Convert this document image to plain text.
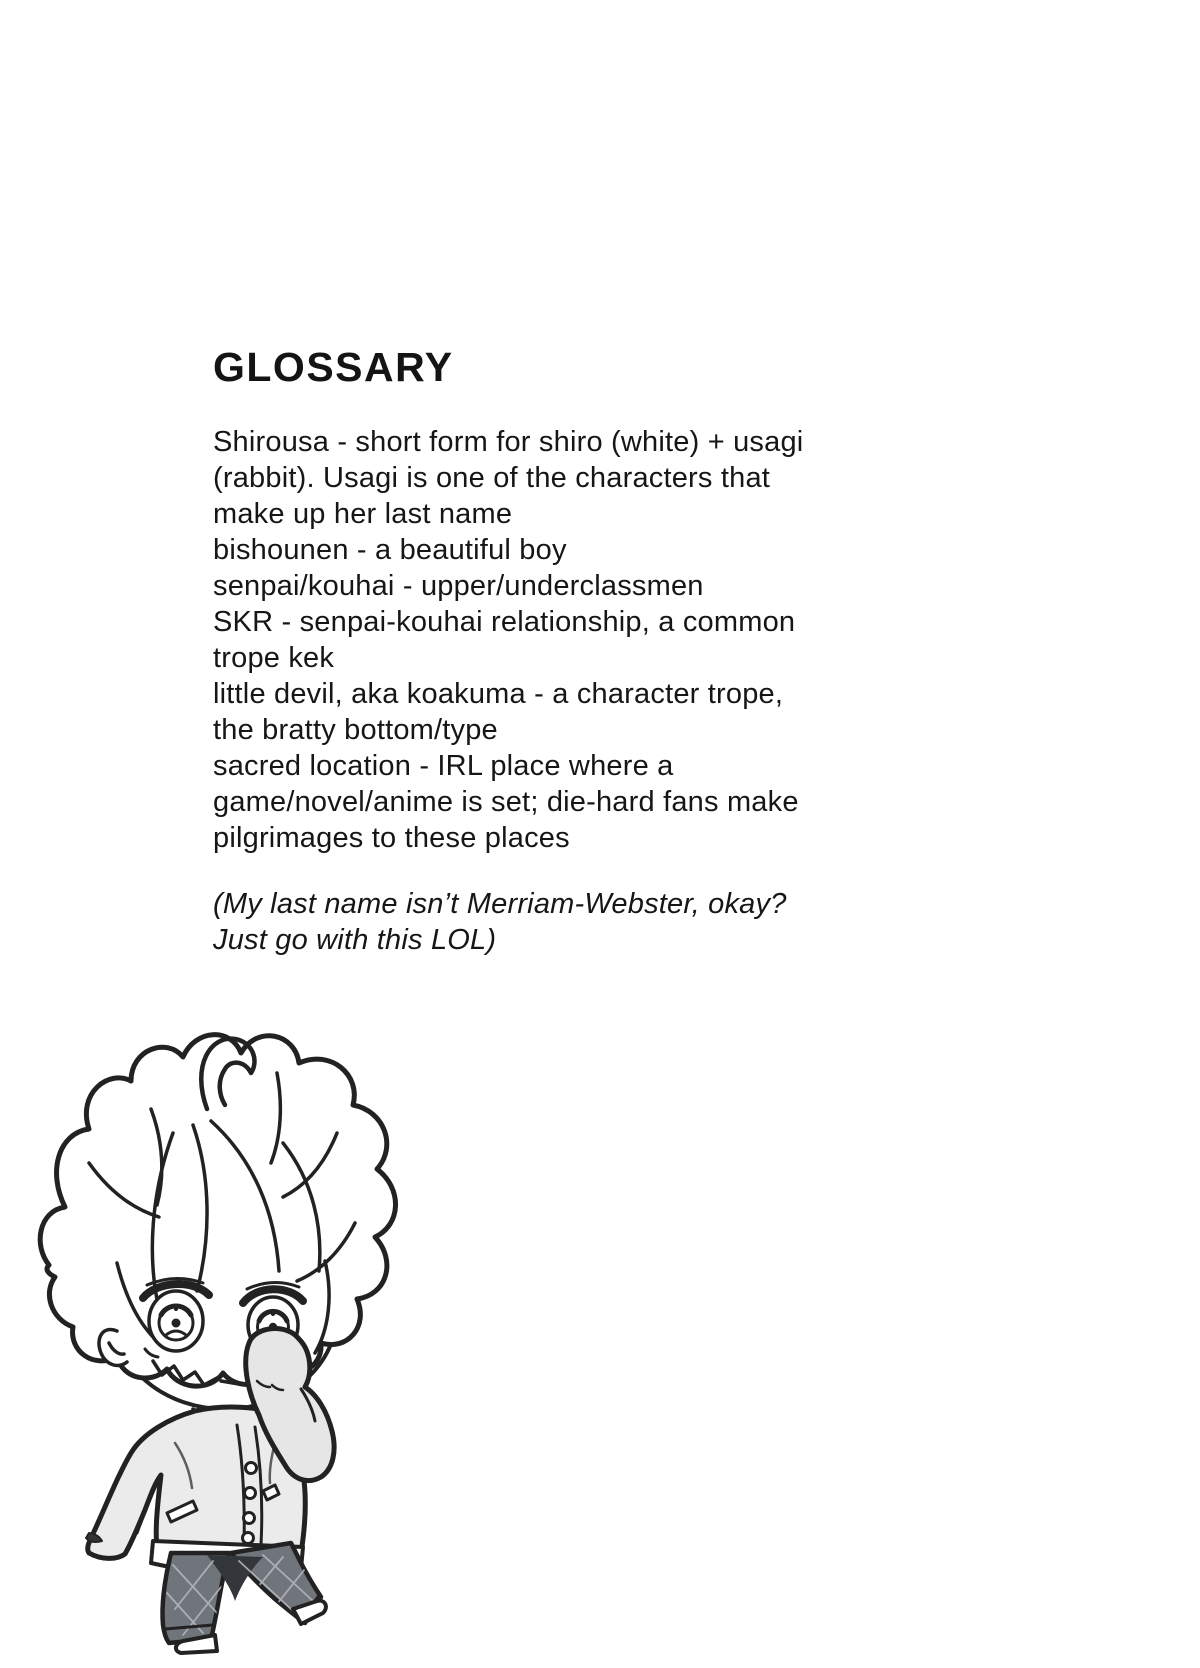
GLOSSARY
Shirousa - short form for shiro (white) + usagi
(rabbit). Usagi is one of the characters that
make up her last name
bishounen - a beautiful boy
senpai/kouhai - upper/underclassmen
SKR - senpai-kouhai relationship, a common
trope kek
little devil, aka koakuma - a character trope,
the bratty bottom/type
sacred location - IRL place where a
game/novel/anime is set; die-hard fans make
pilgrimages to these places
(My last name isn’t Merriam-Webster, okay?
Just go with this LOL)
